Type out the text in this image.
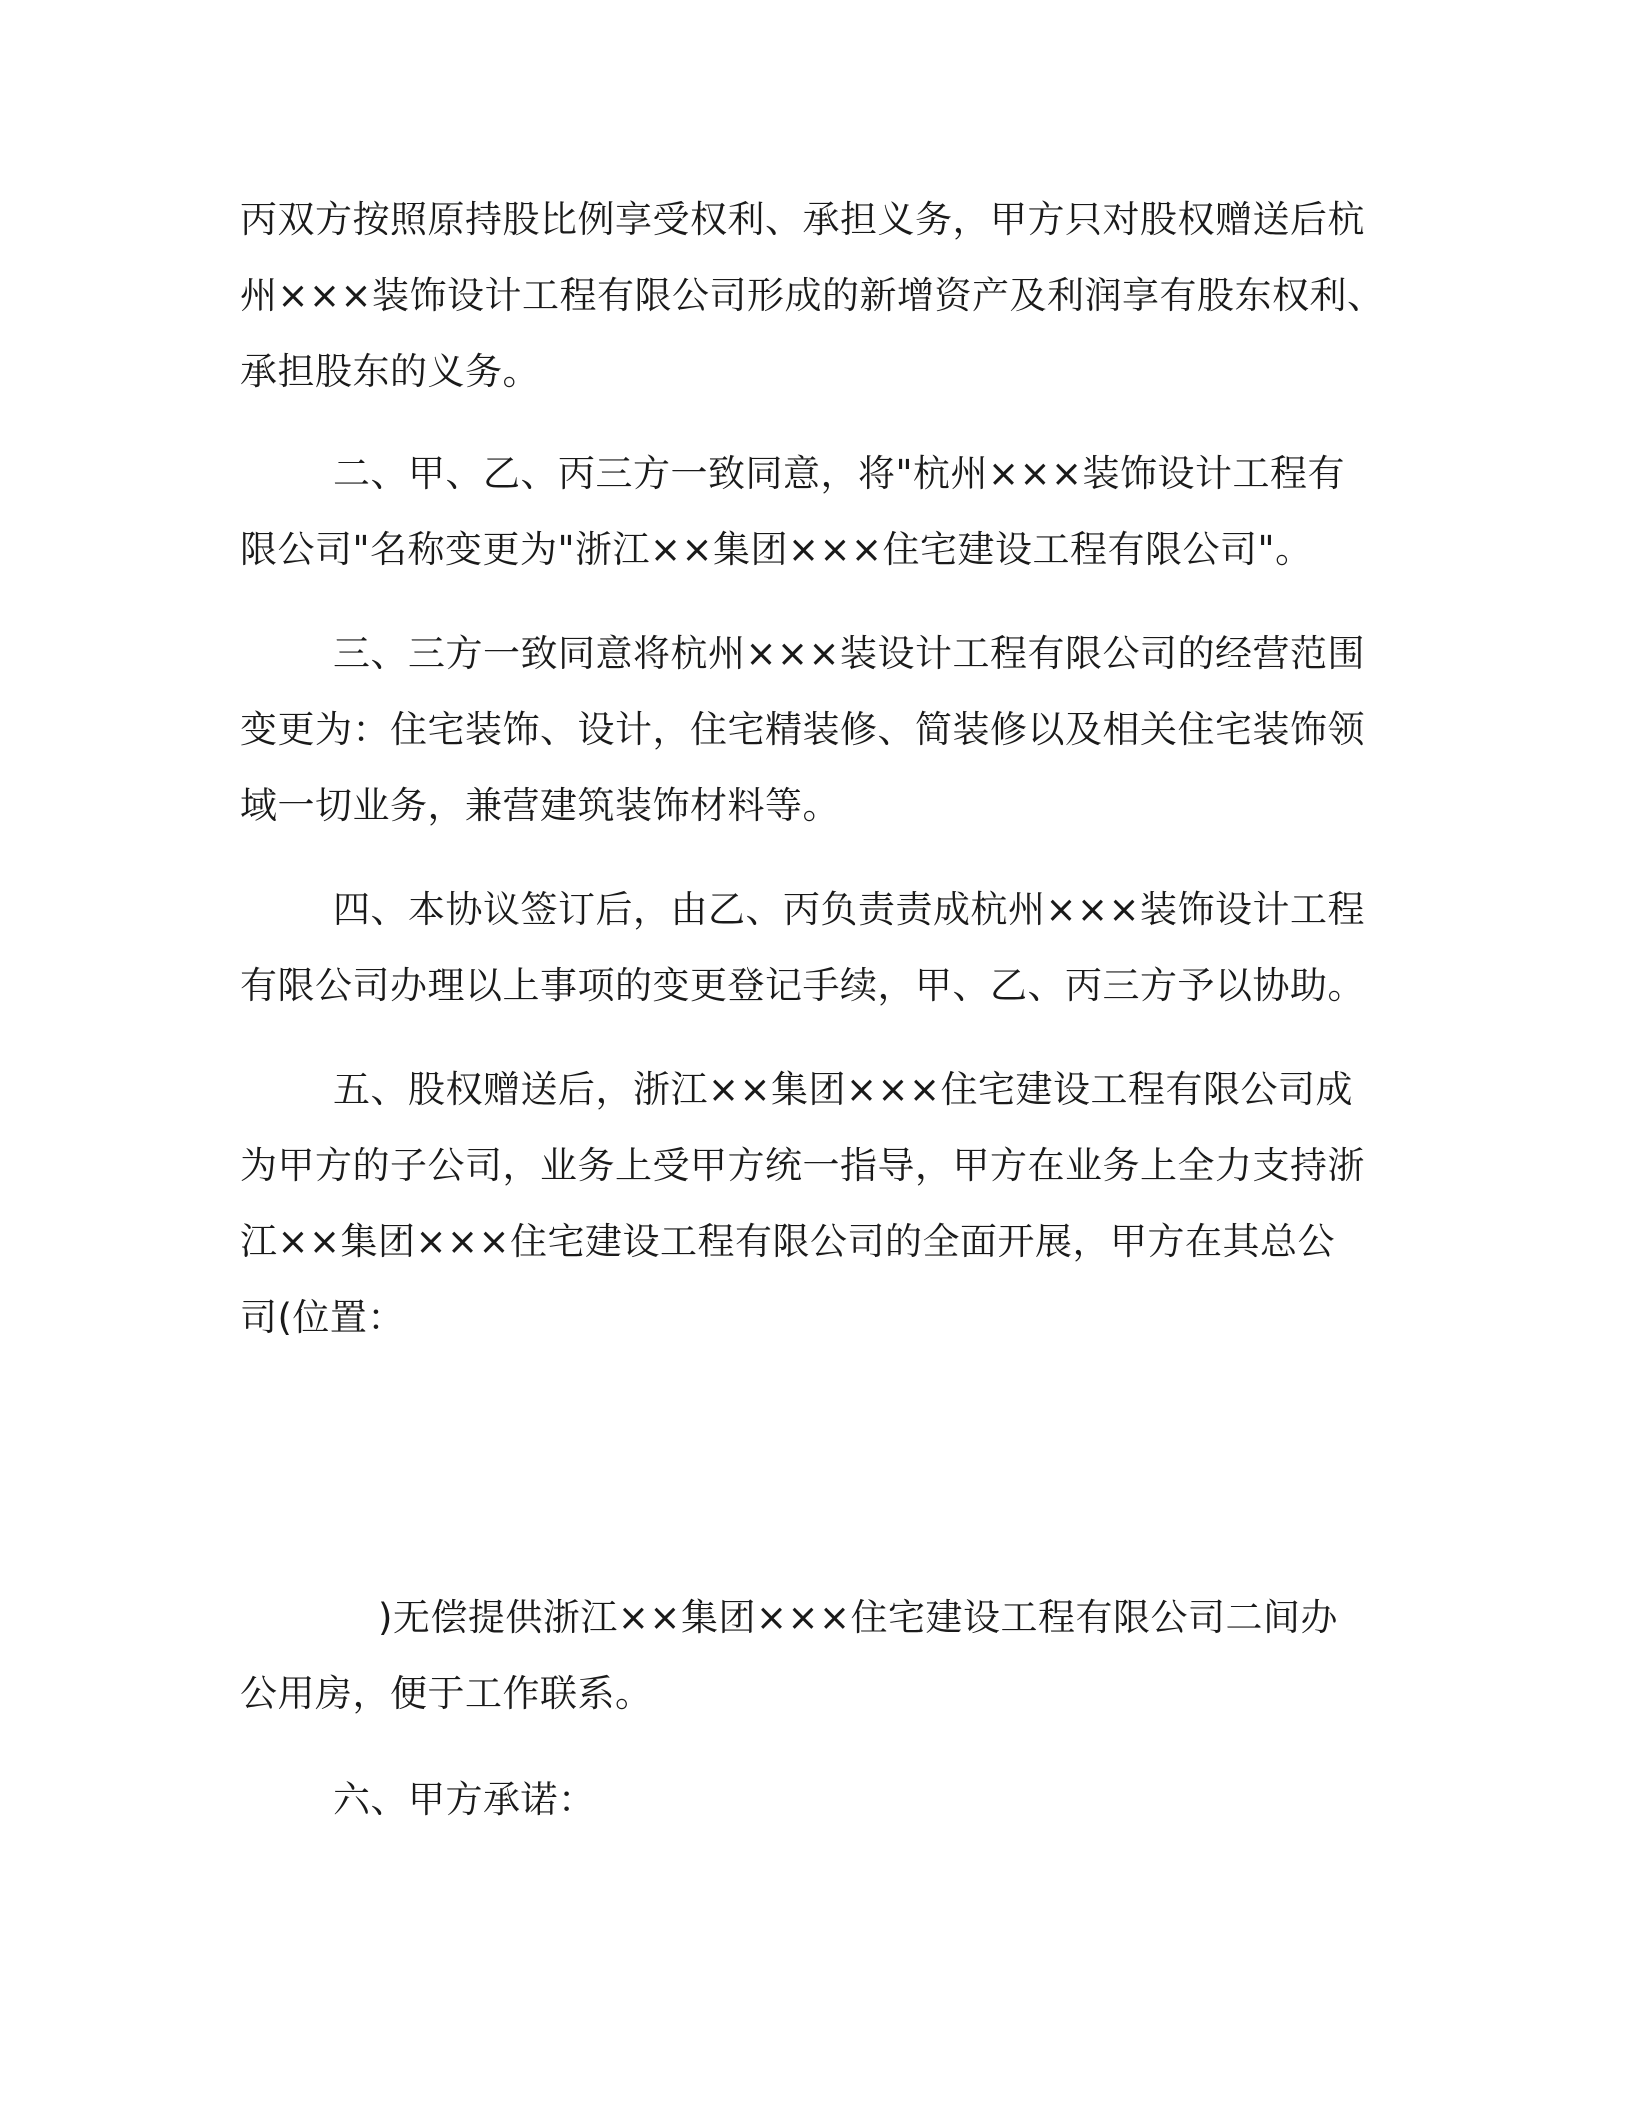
丙双方按照原持股比例享受权利、承担义务，甲方只对股权赠送后杭
州×××装饰设计工程有限公司形成的新增资产及利润享有股东权利、
承担股东的义务。
二、甲、乙、丙三方一致同意，将"杭州×××装饰设计工程有
限公司"名称变更为"浙江××集团×××住宅建设工程有限公司"。
三、三方一致同意将杭州×××装设计工程有限公司的经营范围
变更为：住宅装饰、设计，住宅精装修、简装修以及相关住宅装饰领
域一切业务，兼营建筑装饰材料等。
四、本协议签订后，由乙、丙负责责成杭州×××装饰设计工程
有限公司办理以上事项的变更登记手续，甲、乙、丙三方予以协助。
五、股权赠送后，浙江××集团×××住宅建设工程有限公司成
为甲方的子公司，业务上受甲方统一指导，甲方在业务上全力支持浙
江××集团×××住宅建设工程有限公司的全面开展，甲方在其总公
司(位置：
)无偿提供浙江××集团×××住宅建设工程有限公司二间办
公用房，便于工作联系。
六、甲方承诺：
